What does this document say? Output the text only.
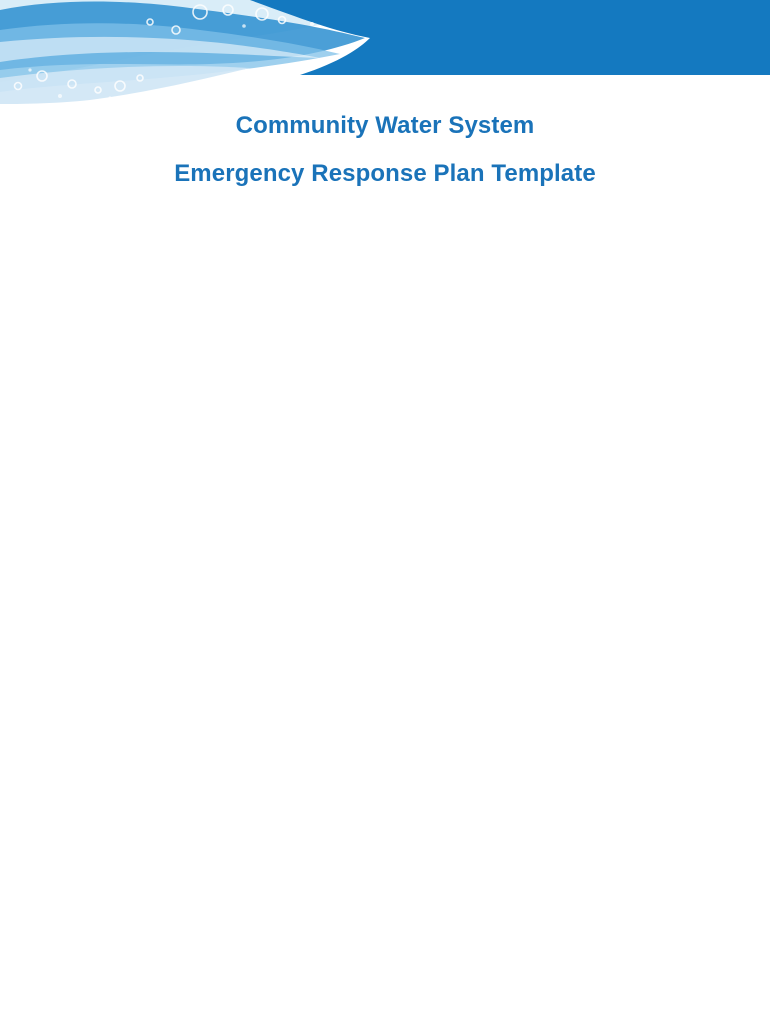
Community Water System
Emergency Response Plan Template
